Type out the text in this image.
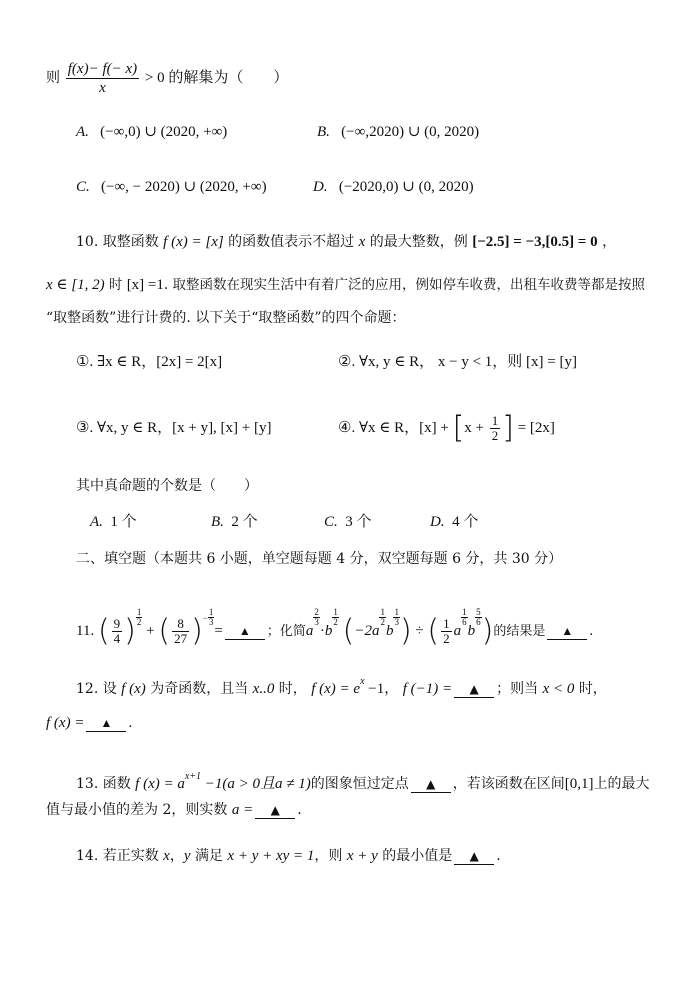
则 $\frac{f(x)- f(- x)}{x} > 0$ 的解集为（　　）
A. (−∞,0) ∪ (2020, +∞)	B. (−∞,2020) ∪ (0, 2020)
C. (−∞, − 2020) ∪ (2020, +∞)	D. (−2020,0) ∪ (0, 2020)
10. 取整函数 f (x) = [x] 的函数值表示不超过 x 的最大整数，例 [−2.5] = −3,[0.5] = 0 ，
x ∈ [1, 2) 时 [x] =1. 取整函数在现实生活中有着广泛的应用，例如停车收费，出租车收费等都是按照
“取整函数”进行计费的. 以下关于“取整函数”的四个命题：
①. ∃x ∈ R，[2x] = 2[x]	②. ∀x, y ∈ R， x − y < 1，则 [x] = [y]
③. ∀x, y ∈ R，[x + y], [x] + [y]	④. ∀x ∈ R，$[x] + [x + \frac{1}{2}$ ] = [2x]
其中真命题的个数是（　　）
A. 1 个	B. 2 个	C. 3 个	D. 4 个
二、填空题（本题共 6 小题，单空题每题 4 分，双空题每题 6 分，共 30 分）
11. ( $\frac{9}{4}$ ) $\frac{1}{2}$
+ ( $\frac{8}{27} )^- \frac{1}{3}$
= ▲ ；化简a
$\frac{2}{3}$
·b
$\frac{1}{2} (-2a$
$\frac{1}{2}$
b
$\frac{1}{3}$ ) ÷ ( $\frac{1}{2}$ a
$\frac{1}{6}$
b
$\frac{5}{6}$ )的结果是 ▲ .
12. 设 f (x) 为奇函数，且当 x..0 时， f $(x) = e^x -1$， f (−1) = ▲ ；则当 x < 0 时，
f (x) = ▲ .
13. 函数 f $(x) = a^{x+1} -1(a > 0$且a ≠ 1)的图象恒过定点 ▲ ，若该函数在区间[0,1]上的最大
值与最小值的差为 2，则实数 a = ▲ .
14. 若正实数 x，y 满足 x + y + xy = 1，则 x + y 的最小值是 ▲ .
